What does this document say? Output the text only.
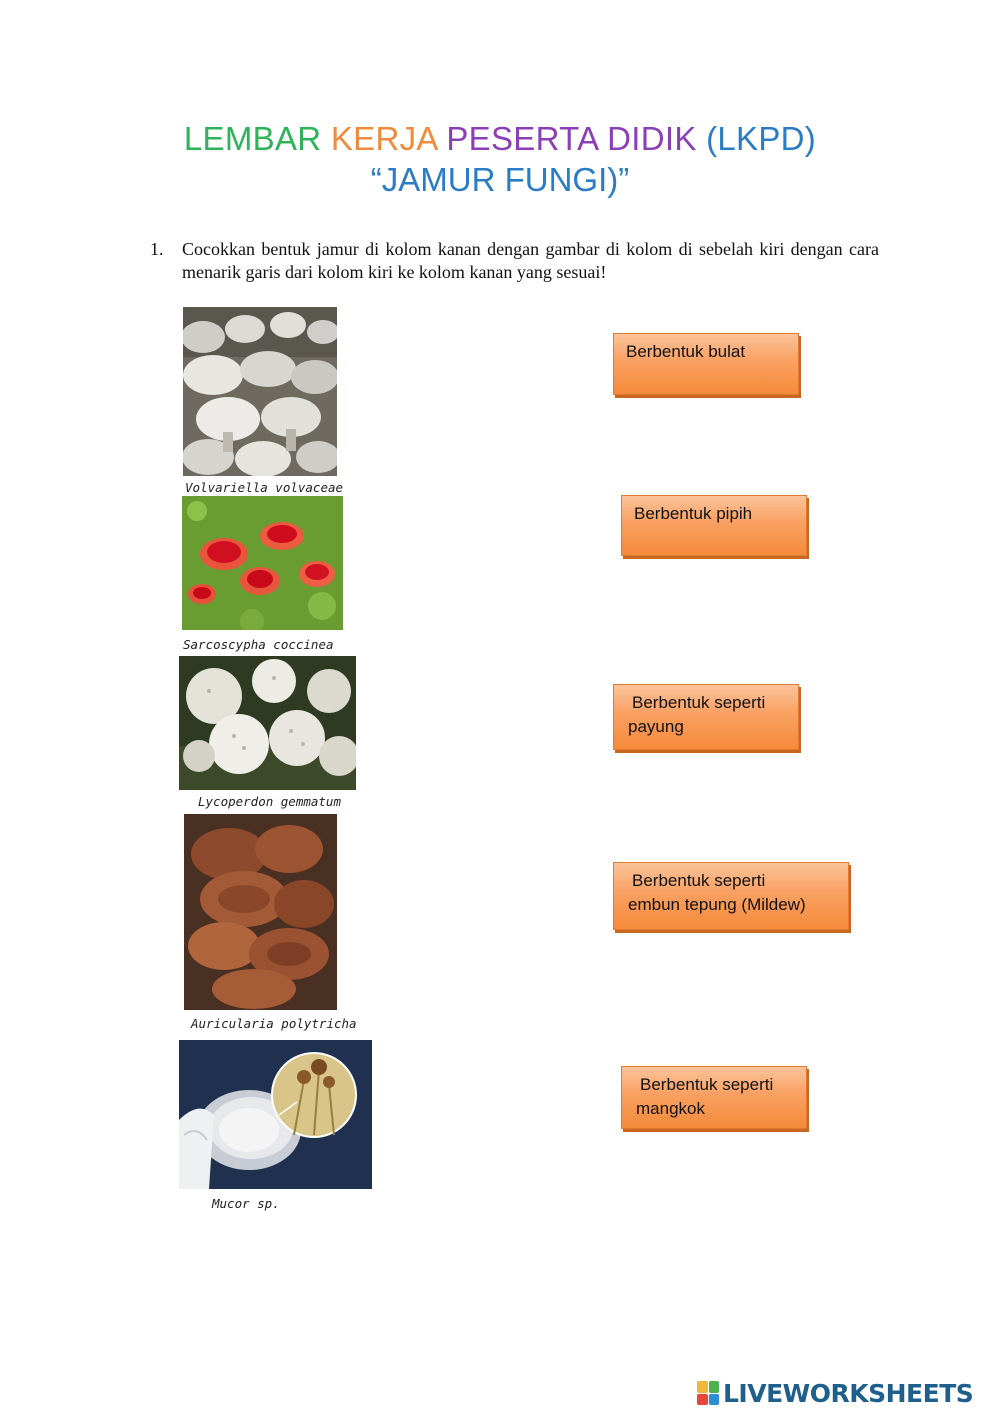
LEMBAR KERJA PESERTA DIDIK (LKPD)
“JAMUR FUNGI)”
1. Cocokkan bentuk jamur di kolom kanan dengan gambar di kolom di sebelah kiri dengan cara menarik garis dari kolom kiri ke kolom kanan yang sesuai!
Volvariella volvaceae
Sarcoscypha coccinea
Lycoperdon gemmatum
Auricularia polytricha
Mucor sp.
Berbentuk bulat
Berbentuk pipih
Berbentuk seperti
payung
Berbentuk seperti
embun tepung (Mildew)
Berbentuk seperti
mangkok
LIVEWORKSHEETS
